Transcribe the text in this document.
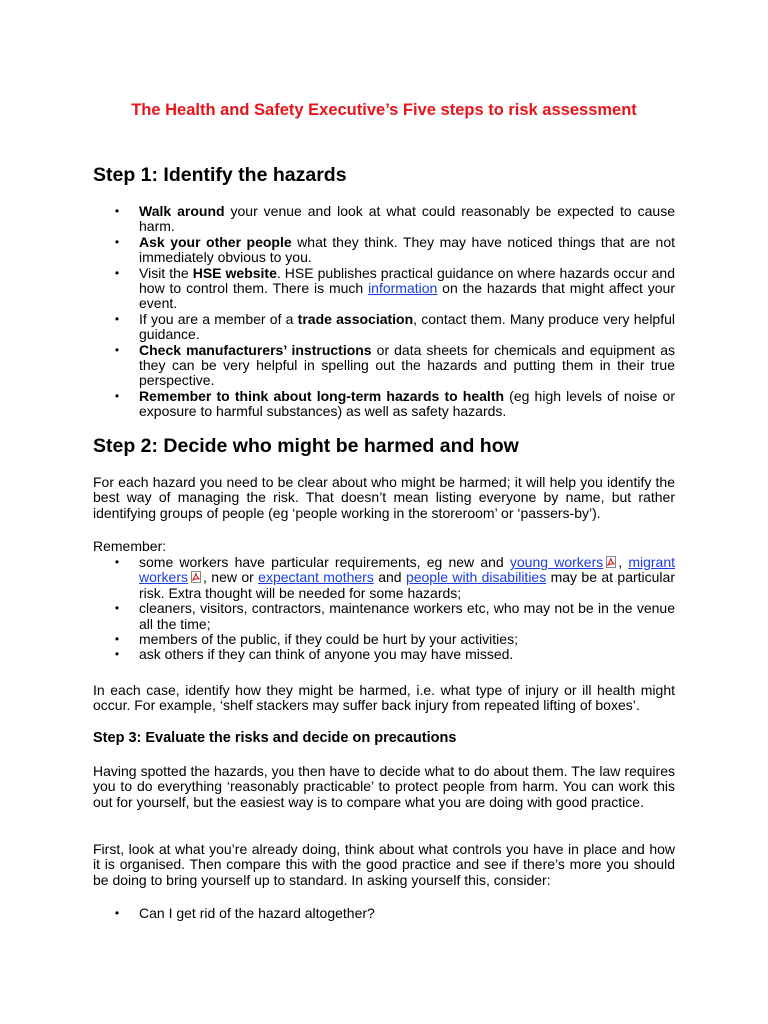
The Health and Safety Executive’s Five steps to risk assessment
Step 1: Identify the hazards
• Walk around your venue and look at what could reasonably be expected to cause harm.
• Ask your other people what they think. They may have noticed things that are not immediately obvious to you.
• Visit the HSE website. HSE publishes practical guidance on where hazards occur and how to control them. There is much information on the hazards that might affect your event.
• If you are a member of a trade association, contact them. Many produce very helpful guidance.
• Check manufacturers’ instructions or data sheets for chemicals and equipment as they can be very helpful in spelling out the hazards and putting them in their true perspective.
• Remember to think about long-term hazards to health (eg high levels of noise or exposure to harmful substances) as well as safety hazards.
Step 2: Decide who might be harmed and how
For each hazard you need to be clear about who might be harmed; it will help you identify the best way of managing the risk. That doesn’t mean listing everyone by name, but rather identifying groups of people (eg ‘people working in the storeroom’ or ‘passers-by’).
Remember:
• some workers have particular requirements, eg new and young workers , migrant workers , new or expectant mothers and people with disabilities may be at particular risk. Extra thought will be needed for some hazards;
• cleaners, visitors, contractors, maintenance workers etc, who may not be in the venue all the time;
• members of the public, if they could be hurt by your activities;
• ask others if they can think of anyone you may have missed.
In each case, identify how they might be harmed, i.e. what type of injury or ill health might occur. For example, ‘shelf stackers may suffer back injury from repeated lifting of boxes’.
Step 3: Evaluate the risks and decide on precautions
Having spotted the hazards, you then have to decide what to do about them. The law requires you to do everything ‘reasonably practicable’ to protect people from harm. You can work this out for yourself, but the easiest way is to compare what you are doing with good practice.
First, look at what you’re already doing, think about what controls you have in place and how it is organised. Then compare this with the good practice and see if there’s more you should be doing to bring yourself up to standard. In asking yourself this, consider:
• Can I get rid of the hazard altogether?
